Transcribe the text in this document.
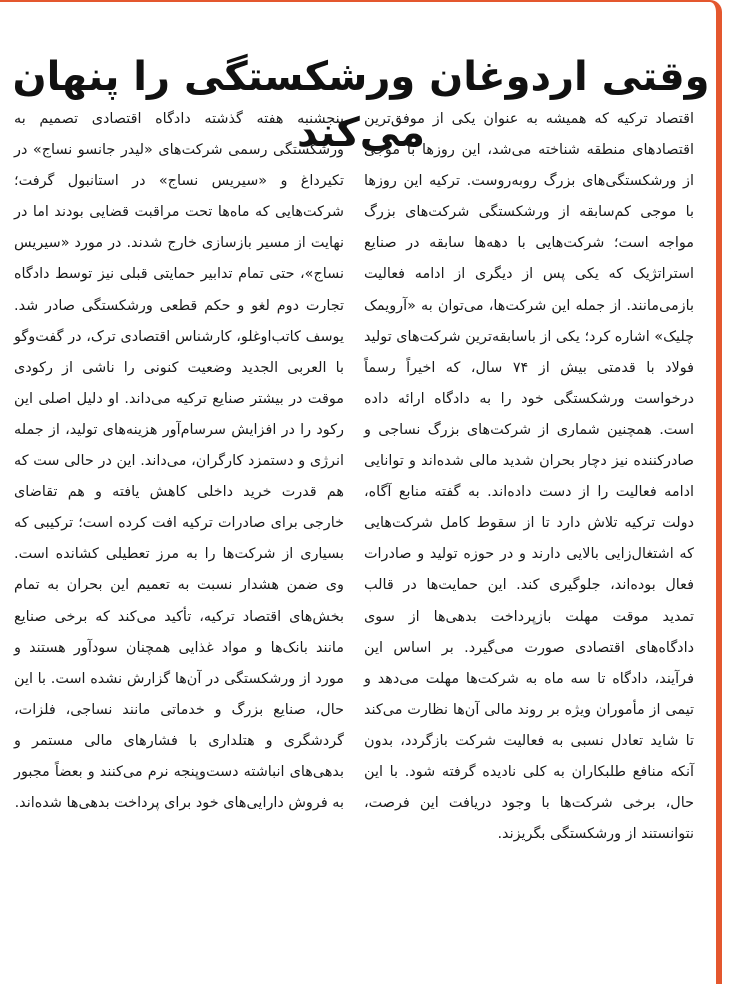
وقتی اردوغان ورشکستگی را پنهان می‌کند

اقتصاد ترکیه که همیشه به عنوان یکی از موفق‌ترین اقتصادهای منطقه شناخته می‌شد، این روزها با موجی از ورشکستگی‌های بزرگ روبه‌روست. ترکیه این روزها با موجی کم‌سابقه از ورشکستگی شرکت‌های بزرگ مواجه است؛ شرکت‌هایی با دهه‌ها سابقه در صنایع استراتژیک که یکی پس از دیگری از ادامه فعالیت بازمی‌مانند. از جمله این شرکت‌ها، می‌توان به «آرویمک چلیک» اشاره کرد؛ یکی از باسابقه‌ترین شرکت‌های تولید فولاد با قدمتی بیش از ۷۴ سال، که اخیراً رسماً درخواست ورشکستگی خود را به دادگاه ارائه داده است. همچنین شماری از شرکت‌های بزرگ نساجی و صادرکننده نیز دچار بحران شدید مالی شده‌اند و توانایی ادامه فعالیت را از دست داده‌اند. به گفته منابع آگاه، دولت ترکیه تلاش دارد تا از سقوط کامل شرکت‌هایی که اشتغال‌زایی بالایی دارند و در حوزه تولید و صادرات فعال بوده‌اند، جلوگیری کند. این حمایت‌ها در قالب تمدید موقت مهلت بازپرداخت بدهی‌ها از سوی دادگاه‌های اقتصادی صورت می‌گیرد. بر اساس این فرآیند، دادگاه تا سه ماه به شرکت‌ها مهلت می‌دهد و تیمی از مأموران ویژه بر روند مالی آن‌ها نظارت می‌کند تا شاید تعادل نسبی به فعالیت شرکت بازگردد، بدون آنکه منافع طلبکاران به کلی نادیده گرفته شود. با این حال، برخی شرکت‌ها با وجود دریافت این فرصت، نتوانستند از ورشکستگی بگریزند.

پنجشنبه هفته گذشته دادگاه اقتصادی تصمیم به ورشکستگی رسمی شرکت‌های «لیدر جانسو نساج» در تکیرداغ و «سیریس نساج» در استانبول گرفت؛ شرکت‌هایی که ماه‌ها تحت مراقبت قضایی بودند اما در نهایت از مسیر بازسازی خارج شدند. در مورد «سیریس نساج»، حتی تمام تدابیر حمایتی قبلی نیز توسط دادگاه تجارت دوم لغو و حکم قطعی ورشکستگی صادر شد. یوسف کاتب‌اوغلو، کارشناس اقتصادی ترک، در گفت‌وگو با العربی الجدید وضعیت کنونی را ناشی از رکودی موقت در بیشتر صنایع ترکیه می‌داند. او دلیل اصلی این رکود را در افزایش سرسام‌آور هزینه‌های تولید، از جمله انرژی و دستمزد کارگران، می‌داند. این در حالی ست که هم قدرت خرید داخلی کاهش یافته و هم تقاضای خارجی برای صادرات ترکیه افت کرده است؛ ترکیبی که بسیاری از شرکت‌ها را به مرز تعطیلی کشانده است. وی ضمن هشدار نسبت به تعمیم این بحران به تمام بخش‌های اقتصاد ترکیه، تأکید می‌کند که برخی صنایع مانند بانک‌ها و مواد غذایی همچنان سودآور هستند و مورد از ورشکستگی در آن‌ها گزارش نشده است. با این حال، صنایع بزرگ و خدماتی مانند نساجی، فلزات، گردشگری و هتلداری با فشارهای مالی مستمر و بدهی‌های انباشته دست‌وپنجه نرم می‌کنند و بعضاً مجبور به فروش دارایی‌های خود برای پرداخت بدهی‌ها شده‌اند.
